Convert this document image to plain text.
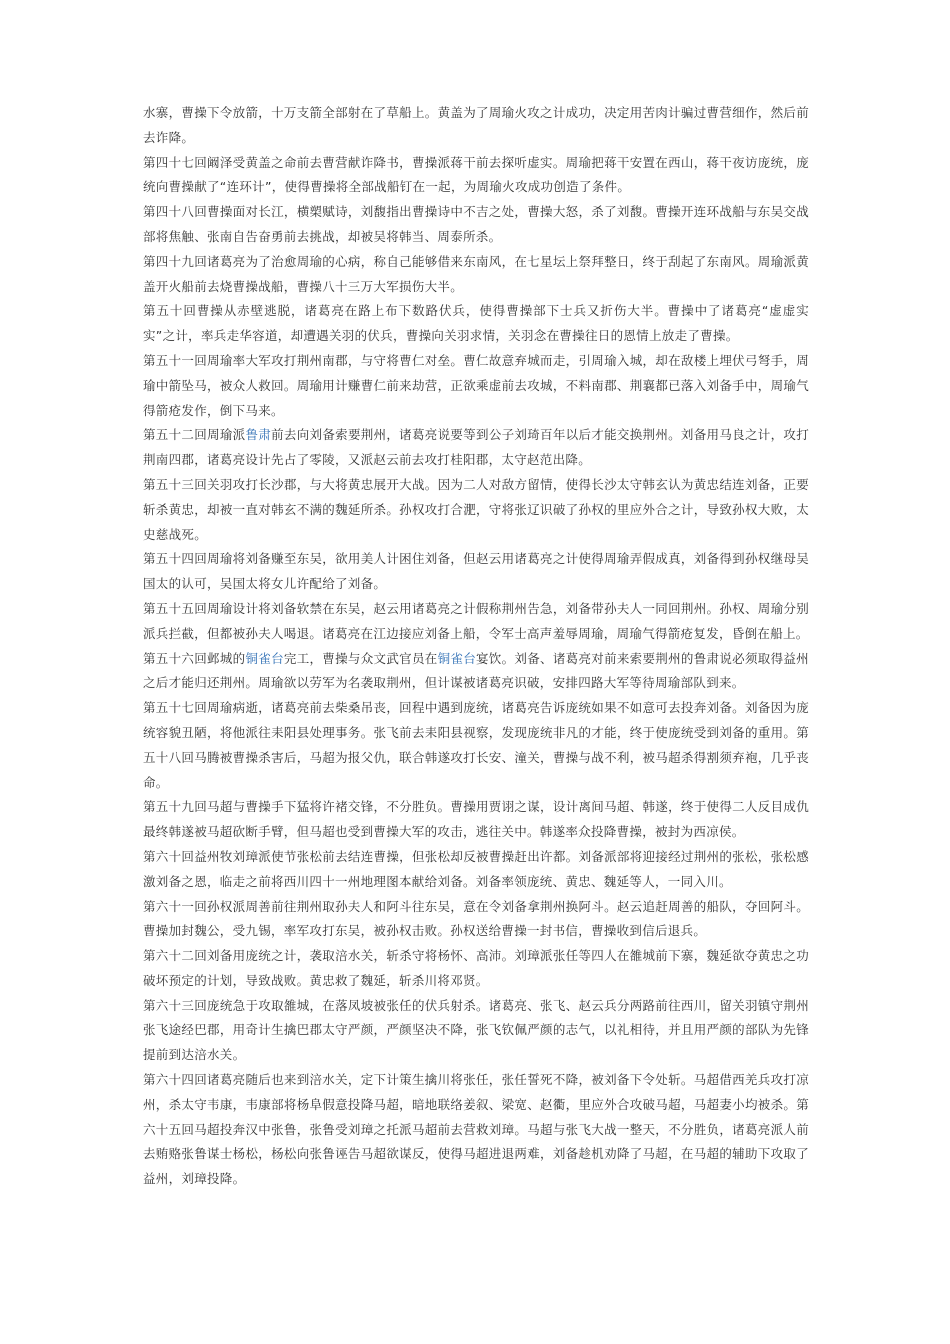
水寨，曹操下令放箭，十万支箭全部射在了草船上。黄盖为了周瑜火攻之计成功，决定用苦肉计骗过曹营细作，然后前去诈降。

第四十七回阚泽受黄盖之命前去曹营献诈降书，曹操派蒋干前去探听虚实。周瑜把蒋干安置在西山，蒋干夜访庞统，庞统向曹操献了“连环计”，使得曹操将全部战船钉在一起，为周瑜火攻成功创造了条件。

第四十八回曹操面对长江，横槊赋诗，刘馥指出曹操诗中不吉之处，曹操大怒，杀了刘馥。曹操开连环战船与东吴交战部将焦触、张南自告奋勇前去挑战，却被吴将韩当、周泰所杀。

第四十九回诸葛亮为了治愈周瑜的心病，称自己能够借来东南风，在七星坛上祭拜整日，终于刮起了东南风。周瑜派黄盖开火船前去烧曹操战船，曹操八十三万大军损伤大半。

第五十回曹操从赤壁逃脱，诸葛亮在路上布下数路伏兵，使得曹操部下士兵又折伤大半。曹操中了诸葛亮“虚虚实实”之计，率兵走华容道，却遭遇关羽的伏兵，曹操向关羽求情，关羽念在曹操往日的恩情上放走了曹操。

第五十一回周瑜率大军攻打荆州南郡，与守将曹仁对垒。曹仁故意弃城而走，引周瑜入城，却在敌楼上埋伏弓弩手，周瑜中箭坠马，被众人救回。周瑜用计赚曹仁前来劫营，正欲乘虚前去攻城，不料南郡、荆襄都已落入刘备手中，周瑜气得箭疮发作，倒下马来。

第五十二回周瑜派鲁肃前去向刘备索要荆州，诸葛亮说要等到公子刘琦百年以后才能交换荆州。刘备用马良之计，攻打荆南四郡，诸葛亮设计先占了零陵，又派赵云前去攻打桂阳郡，太守赵范出降。

第五十三回关羽攻打长沙郡，与大将黄忠展开大战。因为二人对敌方留情，使得长沙太守韩玄认为黄忠结连刘备，正要斩杀黄忠，却被一直对韩玄不满的魏延所杀。孙权攻打合淝，守将张辽识破了孙权的里应外合之计，导致孙权大败，太史慈战死。

第五十四回周瑜将刘备赚至东吴，欲用美人计困住刘备，但赵云用诸葛亮之计使得周瑜弄假成真，刘备得到孙权继母吴国太的认可，吴国太将女儿许配给了刘备。

第五十五回周瑜设计将刘备软禁在东吴，赵云用诸葛亮之计假称荆州告急，刘备带孙夫人一同回荆州。孙权、周瑜分别派兵拦截，但都被孙夫人喝退。诸葛亮在江边接应刘备上船，令军士高声羞辱周瑜，周瑜气得箭疮复发，昏倒在船上。

第五十六回邺城的铜雀台完工，曹操与众文武官员在铜雀台宴饮。刘备、诸葛亮对前来索要荆州的鲁肃说必须取得益州之后才能归还荆州。周瑜欲以劳军为名袭取荆州，但计谋被诸葛亮识破，安排四路大军等待周瑜部队到来。

第五十七回周瑜病逝，诸葛亮前去柴桑吊丧，回程中遇到庞统，诸葛亮告诉庞统如果不如意可去投奔刘备。刘备因为庞统容貌丑陋，将他派往耒阳县处理事务。张飞前去耒阳县视察，发现庞统非凡的才能，终于使庞统受到刘备的重用。第五十八回马腾被曹操杀害后，马超为报父仇，联合韩遂攻打长安、潼关，曹操与战不利，被马超杀得割须弃袍，几乎丧命。

第五十九回马超与曹操手下猛将许褚交锋，不分胜负。曹操用贾诩之谋，设计离间马超、韩遂，终于使得二人反目成仇最终韩遂被马超砍断手臂，但马超也受到曹操大军的攻击，逃往关中。韩遂率众投降曹操，被封为西凉侯。

第六十回益州牧刘璋派使节张松前去结连曹操，但张松却反被曹操赶出许都。刘备派部将迎接经过荆州的张松，张松感激刘备之恩，临走之前将西川四十一州地理图本献给刘备。刘备率领庞统、黄忠、魏延等人，一同入川。

第六十一回孙权派周善前往荆州取孙夫人和阿斗往东吴，意在令刘备拿荆州换阿斗。赵云追赶周善的船队，夺回阿斗。曹操加封魏公，受九锡，率军攻打东吴，被孙权击败。孙权送给曹操一封书信，曹操收到信后退兵。

第六十二回刘备用庞统之计，袭取涪水关，斩杀守将杨怀、高沛。刘璋派张任等四人在雒城前下寨，魏延欲夺黄忠之功破坏预定的计划，导致战败。黄忠救了魏延，斩杀川将邓贤。

第六十三回庞统急于攻取雒城，在落凤坡被张任的伏兵射杀。诸葛亮、张飞、赵云兵分两路前往西川，留关羽镇守荆州张飞途经巴郡，用奇计生擒巴郡太守严颜，严颜坚决不降，张飞钦佩严颜的志气，以礼相待，并且用严颜的部队为先锋提前到达涪水关。

第六十四回诸葛亮随后也来到涪水关，定下计策生擒川将张任，张任誓死不降，被刘备下令处斩。马超借西羌兵攻打凉州，杀太守韦康，韦康部将杨阜假意投降马超，暗地联络姜叙、梁宽、赵衢，里应外合攻破马超，马超妻小均被杀。第六十五回马超投奔汉中张鲁，张鲁受刘璋之托派马超前去营救刘璋。马超与张飞大战一整天，不分胜负，诸葛亮派人前去贿赂张鲁谋士杨松，杨松向张鲁诬告马超欲谋反，使得马超进退两难，刘备趁机劝降了马超，在马超的辅助下攻取了益州，刘璋投降。
